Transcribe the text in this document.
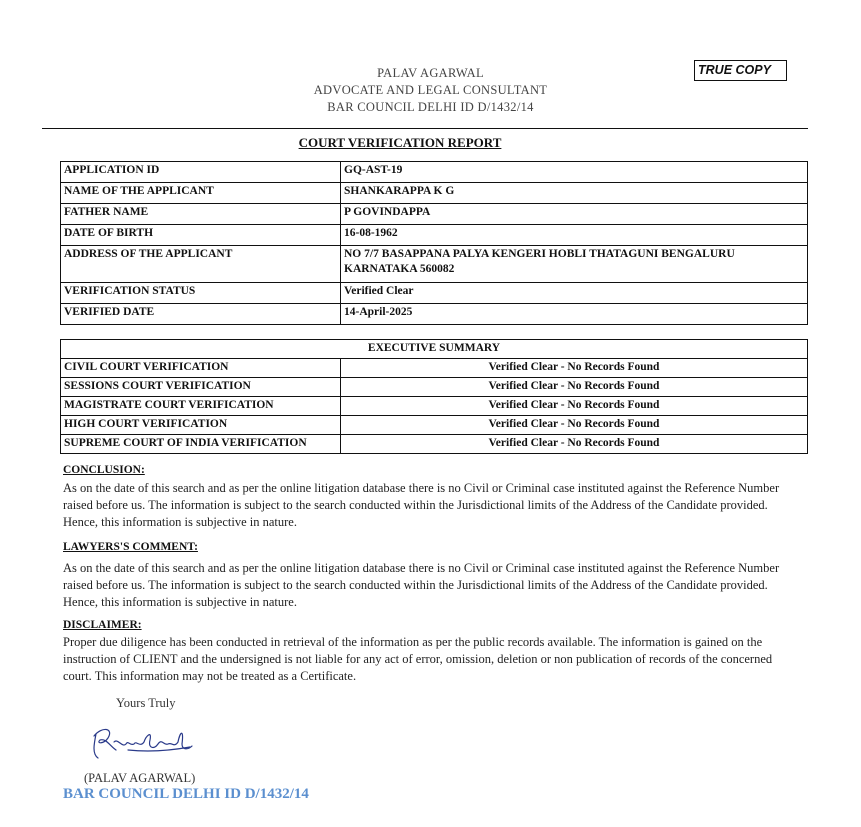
PALAV AGARWAL
ADVOCATE AND LEGAL CONSULTANT
BAR COUNCIL DELHI ID D/1432/14
TRUE COPY
COURT VERIFICATION REPORT
APPLICATION ID	GQ-AST-19
NAME OF THE APPLICANT	SHANKARAPPA K G
FATHER NAME	P GOVINDAPPA
DATE OF BIRTH	16-08-1962
ADDRESS OF THE APPLICANT	NO 7/7 BASAPPANA PALYA KENGERI HOBLI THATAGUNI BENGALURU KARNATAKA 560082
VERIFICATION STATUS	Verified Clear
VERIFIED DATE	14-April-2025
EXECUTIVE SUMMARY	
CIVIL COURT VERIFICATION	Verified Clear - No Records Found
SESSIONS COURT VERIFICATION	Verified Clear - No Records Found
MAGISTRATE COURT VERIFICATION	Verified Clear - No Records Found
HIGH COURT VERIFICATION	Verified Clear - No Records Found
SUPREME COURT OF INDIA VERIFICATION	Verified Clear - No Records Found
CONCLUSION:
As on the date of this search and as per the online litigation database there is no Civil or Criminal case instituted against the Reference Number raised before us. The information is subject to the search conducted within the Jurisdictional limits of the Address of the Candidate provided. Hence, this information is subjective in nature.
LAWYERS'S COMMENT:
As on the date of this search and as per the online litigation database there is no Civil or Criminal case instituted against the Reference Number raised before us. The information is subject to the search conducted within the Jurisdictional limits of the Address of the Candidate provided. Hence, this information is subjective in nature.
DISCLAIMER:
Proper due diligence has been conducted in retrieval of the information as per the public records available. The information is gained on the instruction of CLIENT and the undersigned is not liable for any act of error, omission, deletion or non publication of records of the concerned court. This information may not be treated as a Certificate.
Yours Truly
(PALAV AGARWAL)
BAR COUNCIL DELHI ID D/1432/14
